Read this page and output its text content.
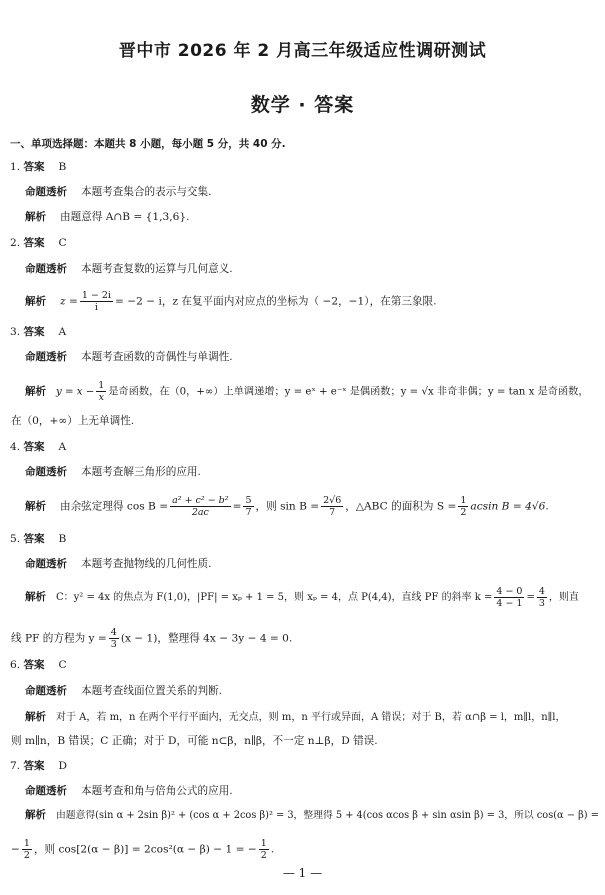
晋中市 2026 年 2 月高三年级适应性调研测试
数学 · 答案
一、单项选择题：本题共 8 小题，每小题 5 分，共 40 分.
1. 答案 B
命题透析 本题考查集合的表示与交集.
解析 由题意得 A∩B = {1,3,6}.
2. 答案 C
命题透析 本题考查复数的运算与几何意义.
解析 $z = \frac{1 - 2i}{i} = -2 - i$，z 在复平面内对应点的坐标为（ −2，−1），在第三象限.
3. 答案 A
命题透析 本题考查函数的奇偶性与单调性.
解析 $y = x - \frac{1}{x}$ 是奇函数，在（0，+∞）上单调递增；y = eˣ + e⁻ˣ 是偶函数；y = √x 非奇非偶；y = tan x 是奇函数，
在（0，+∞）上无单调性.
4. 答案 A
命题透析 本题考查解三角形的应用.
解析 由余弦定理得 $\cos B = \frac{\text{a² + c² − b²}}{2ac} = \frac{5}{7}$ ，则 $\sin B = \frac{2√6}{7}$ ，△ABC 的面积为 $S = \frac{1}{2}$ acsin B = 4√6.
5. 答案 B
命题透析 本题考查抛物线的几何性质.
解析 C：y² = 4x 的焦点为 F(1,0)，|PF| = xₚ + 1 = 5，则 xₚ = 4，点 P(4,4)，直线 PF 的斜率 $k = \frac{4 - 0}{4 - 1} = \frac{4}{3}$ ，则直
线 PF 的方程为 $y = \frac{4}{3} (x - 1)$，整理得 4x − 3y − 4 = 0.
6. 答案 C
命题透析 本题考查线面位置关系的判断.
解析 对于 A，若 m，n 在两个平行平面内，无交点，则 m，n 平行或异面，A 错误；对于 B，若 α∩β = l，m∥l，n∥l，
则 m∥n，B 错误；C 正确；对于 D，可能 n⊂β，n∥β，不一定 n⊥β，D 错误.
7. 答案 D
命题透析 本题考查和角与倍角公式的应用.
解析 由题意得(sin α + 2sin β)² + (cos α + 2cos β)² = 3，整理得 5 + 4(cos αcos β + sin αsin β) = 3，所以 cos(α − β) =
− $\frac{1}{2}$ ，则 cos[2(α − β)] = 2cos²(α − β) − 1 = − $\frac{1}{2}$ .
— 1 —
